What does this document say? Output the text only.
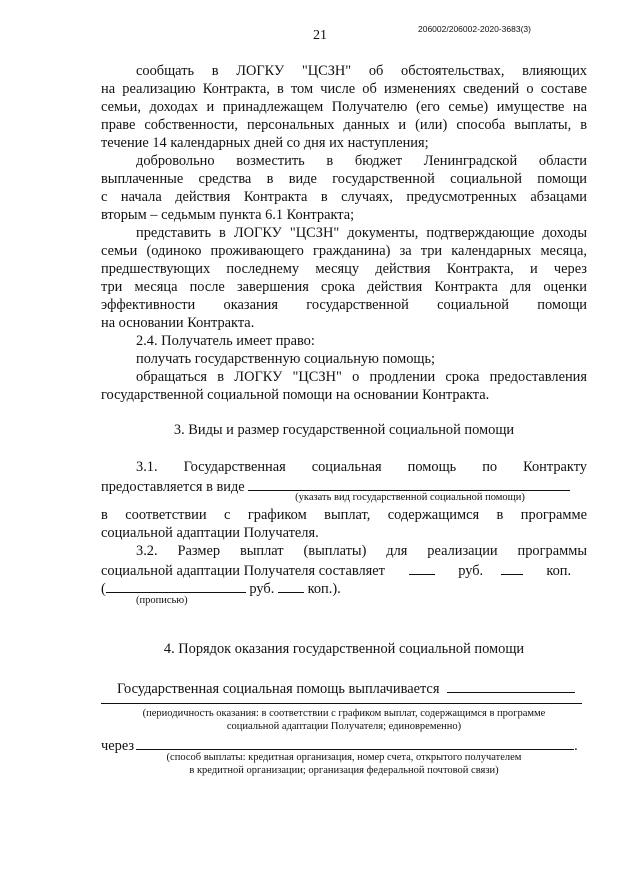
21	206002/206002-2020-3683(3)
сообщать в ЛОГКУ "ЦСЗН" об обстоятельствах, влияющих
на реализацию Контракта, в том числе об изменениях сведений о составе
семьи, доходах и принадлежащем Получателю (его семье) имуществе на
праве собственности, персональных данных и (или) способа выплаты, в
течение 14 календарных дней со дня их наступления;
добровольно возместить в бюджет Ленинградской области
выплаченные средства в виде государственной социальной помощи
с начала действия Контракта в случаях, предусмотренных абзацами
вторым – седьмым пункта 6.1 Контракта;
представить в ЛОГКУ "ЦСЗН" документы, подтверждающие доходы
семьи (одиноко проживающего гражданина) за три календарных месяца,
предшествующих последнему месяцу действия Контракта, и через
три месяца после завершения срока действия Контракта для оценки
эффективности оказания государственной социальной помощи
на основании Контракта.
2.4. Получатель имеет право:
получать государственную социальную помощь;
обращаться в ЛОГКУ "ЦСЗН" о продлении срока предоставления
государственной социальной помощи на основании Контракта.
3. Виды и размер государственной социальной помощи
3.1. Государственная социальная помощь по Контракту
предоставляется в виде
(указать вид государственной социальной помощи)
в соответствии с графиком выплат, содержащимся в программе
социальной адаптации Получателя.
3.2. Размер выплат (выплаты) для реализации программы
социальной адаптации Получателя составляет	руб.	коп.
(	руб. коп.).
(прописью)
4. Порядок оказания государственной социальной помощи
Государственная социальная помощь выплачивается
(периодичность оказания: в соответствии с графиком выплат, содержащимся в программе
социальной адаптации Получателя; единовременно)
через	.
(способ выплаты: кредитная организация, номер счета, открытого получателем
в кредитной организации; организация федеральной почтовой связи)
